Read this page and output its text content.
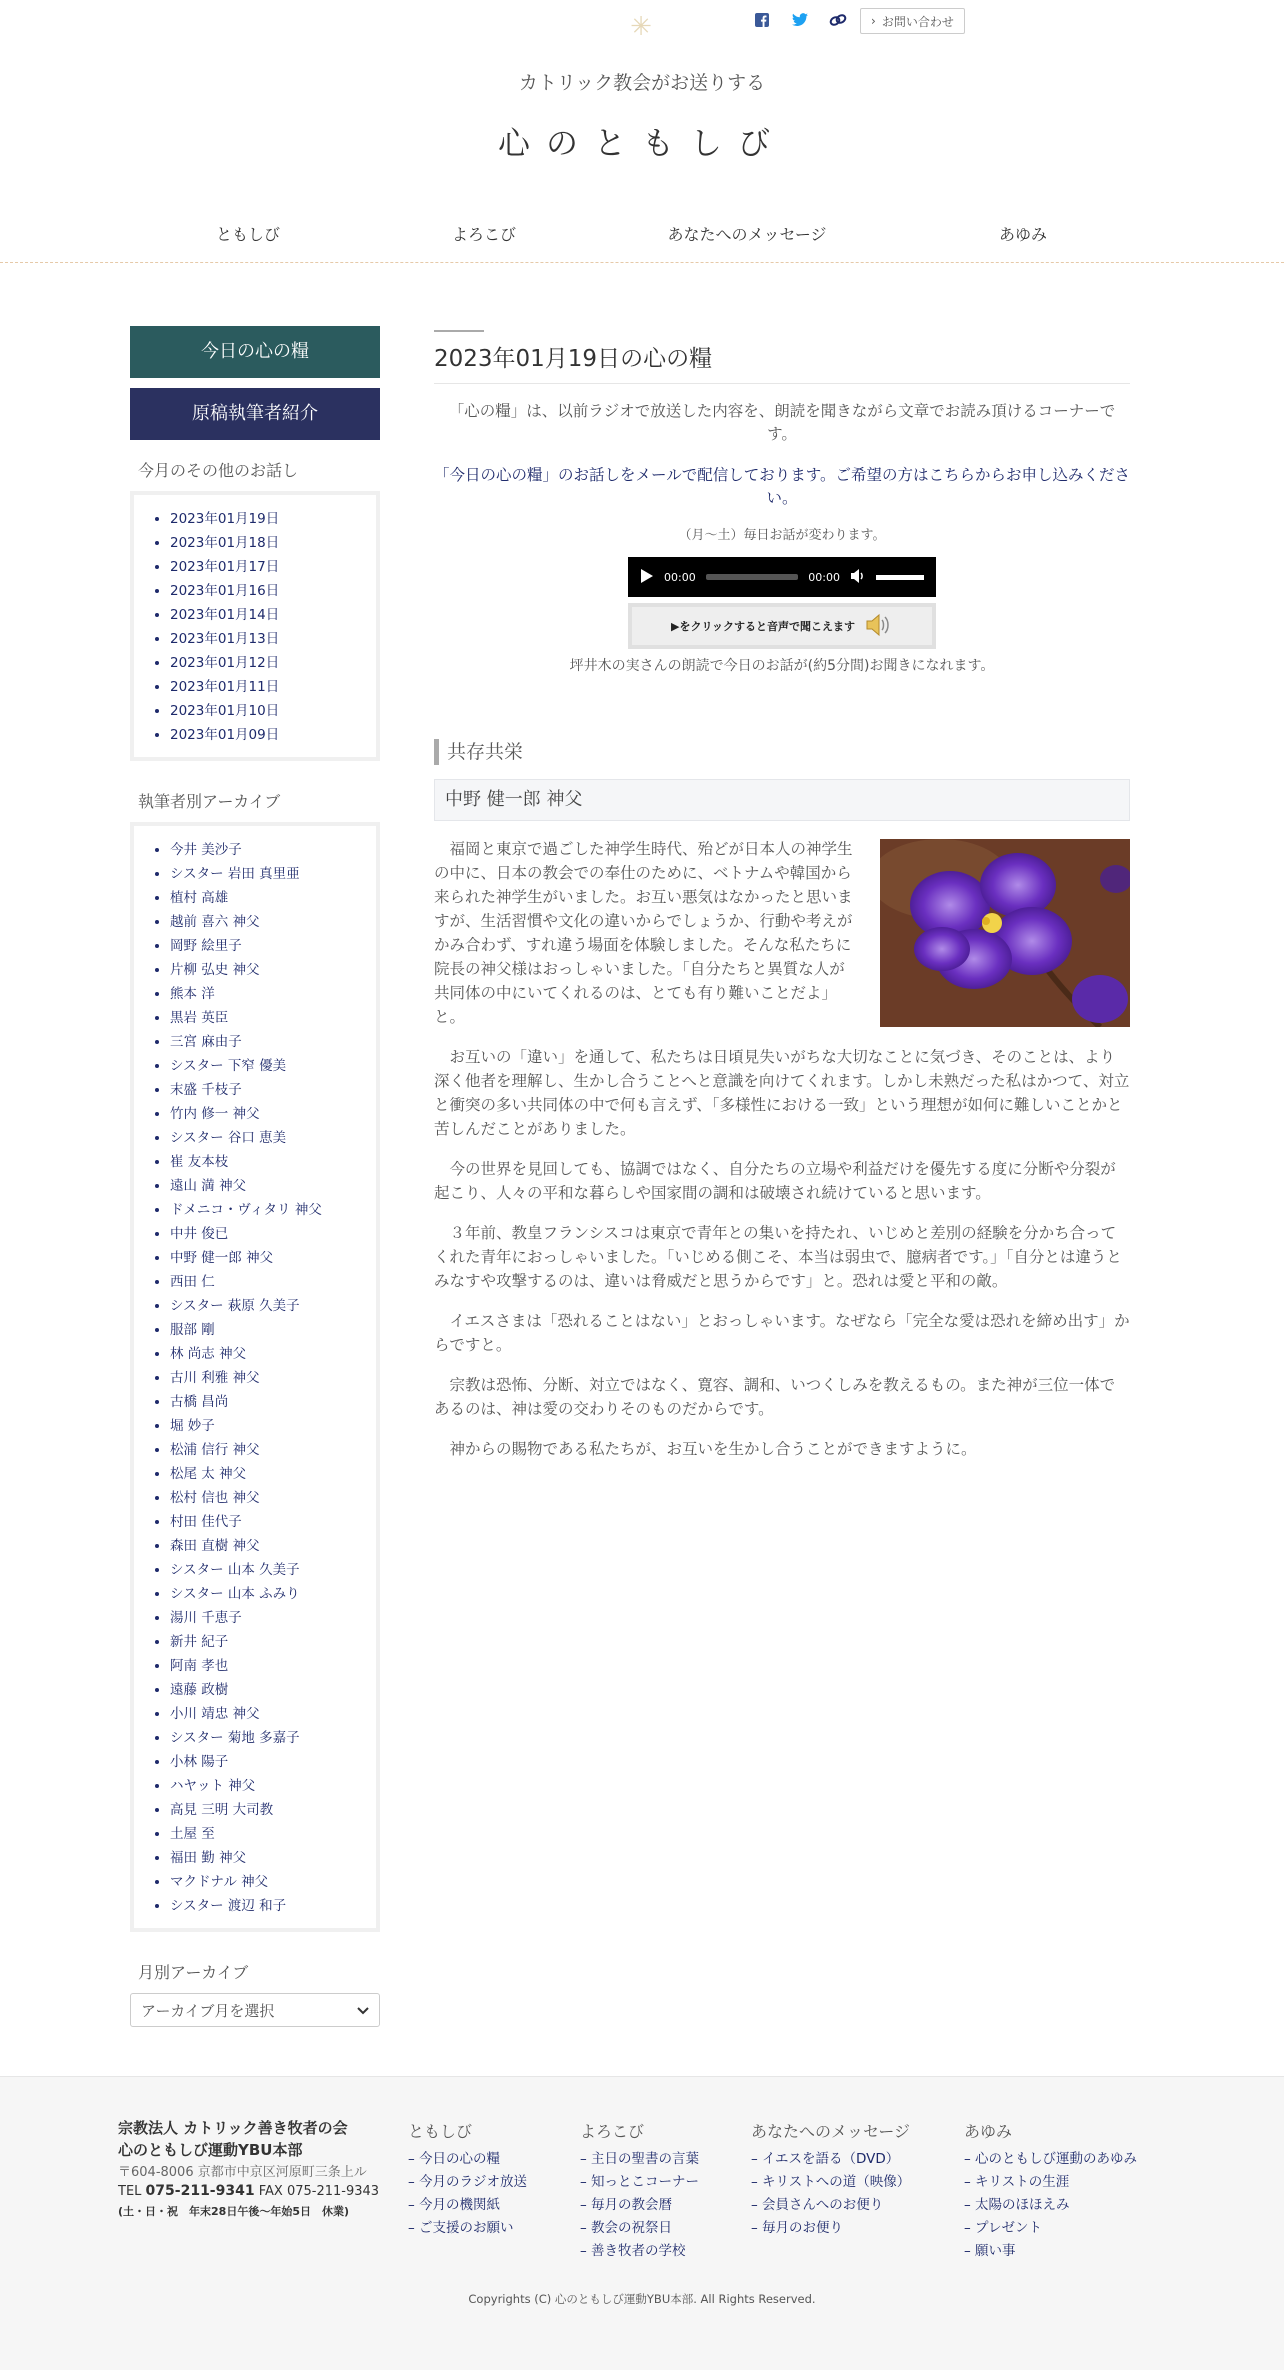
✳	› お問い合わせ
カトリック教会がお送りする
心のともしび
ともしび	よろこび	あなたへのメッセージ	あゆみ
今日の心の糧
原稿執筆者紹介
今月のその他のお話し
• 2023年01月19日
• 2023年01月18日
• 2023年01月17日
• 2023年01月16日
• 2023年01月14日
• 2023年01月13日
• 2023年01月12日
• 2023年01月11日
• 2023年01月10日
• 2023年01月09日
執筆者別アーカイブ
• 今井 美沙子
• シスター 岩田 真里亜
• 植村 高雄
• 越前 喜六 神父
• 岡野 絵里子
• 片柳 弘史 神父
• 熊本 洋
• 黒岩 英臣
• 三宮 麻由子
• シスター 下窄 優美
• 末盛 千枝子
• 竹内 修一 神父
• シスター 谷口 恵美
• 崔 友本枝
• 遠山 満 神父
• ドメニコ・ヴィタリ 神父
• 中井 俊已
• 中野 健一郎 神父
• 西田 仁
• シスター 萩原 久美子
• 服部 剛
• 林 尚志 神父
• 古川 利雅 神父
• 古橋 昌尚
• 堀 妙子
• 松浦 信行 神父
• 松尾 太 神父
• 松村 信也 神父
• 村田 佳代子
• 森田 直樹 神父
• シスター 山本 久美子
• シスター 山本 ふみり
• 湯川 千恵子
• 新井 紀子
• 阿南 孝也
• 遠藤 政樹
• 小川 靖忠 神父
• シスター 菊地 多嘉子
• 小林 陽子
• ハヤット 神父
• 高見 三明 大司教
• 土屋 至
• 福田 勤 神父
• マクドナル 神父
• シスター 渡辺 和子
月別アーカイブ
アーカイブ月を選択
2023年01月19日の心の糧
「心の糧」は、以前ラジオで放送した内容を、朗読を聞きながら文章でお読み頂けるコーナーです。
「今日の心の糧」のお話しをメールで配信しております。ご希望の方はこちらからお申し込みください。
（月～土）毎日お話が変わります。
00:00	00:00
▶をクリックすると音声で聞こえます
坪井木の実さんの朗読で今日のお話が(約5分間)お聞きになれます。
共存共栄
中野 健一郎 神父

福岡と東京で過ごした神学生時代、殆どが日本人の神学生の中に、日本の教会での奉仕のために、ベトナムや韓国から来られた神学生がいました。お互い悪気はなかったと思いますが、生活習慣や文化の違いからでしょうか、行動や考えがかみ合わず、すれ違う場面を体験しました。そんな私たちに院長の神父様はおっしゃいました。「自分たちと異質な人が共同体の中にいてくれるのは、とても有り難いことだよ」と。

お互いの「違い」を通して、私たちは日頃見失いがちな大切なことに気づき、そのことは、より深く他者を理解し、生かし合うことへと意識を向けてくれます。しかし未熟だった私はかつて、対立と衝突の多い共同体の中で何も言えず、「多様性における一致」という理想が如何に難しいことかと苦しんだことがありました。

今の世界を見回しても、協調ではなく、自分たちの立場や利益だけを優先する度に分断や分裂が起こり、人々の平和な暮らしや国家間の調和は破壊され続けていると思います。

３年前、教皇フランシスコは東京で青年との集いを持たれ、いじめと差別の経験を分かち合ってくれた青年におっしゃいました。「いじめる側こそ、本当は弱虫で、臆病者です。」「自分とは違うとみなすや攻撃するのは、違いは脅威だと思うからです」と。恐れは愛と平和の敵。

イエスさまは「恐れることはない」とおっしゃいます。なぜなら「完全な愛は恐れを締め出す」からですと。

宗教は恐怖、分断、対立ではなく、寛容、調和、いつくしみを教えるもの。また神が三位一体であるのは、神は愛の交わりそのものだからです。

神からの賜物である私たちが、お互いを生かし合うことができますように。

宗教法人 カトリック善き牧者の会
心のともしび運動YBU本部
〒604-8006 京都市中京区河原町三条上ル
TEL 075-211-9341 FAX 075-211-9343
(土・日・祝　年末28日午後～年始5日　休業)
ともしび
– 今日の心の糧
– 今月のラジオ放送
– 今月の機関紙
– ご支援のお願い
よろこび
– 主日の聖書の言葉
– 知っとこコーナー
– 毎月の教会暦
– 教会の祝祭日
– 善き牧者の学校
あなたへのメッセージ
– イエスを語る（DVD）
– キリストへの道（映像）
– 会員さんへのお便り
– 毎月のお便り
あゆみ
– 心のともしび運動のあゆみ
– キリストの生涯
– 太陽のほほえみ
– プレゼント
– 願い事
Copyrights (C) 心のともしび運動YBU本部. All Rights Reserved.
